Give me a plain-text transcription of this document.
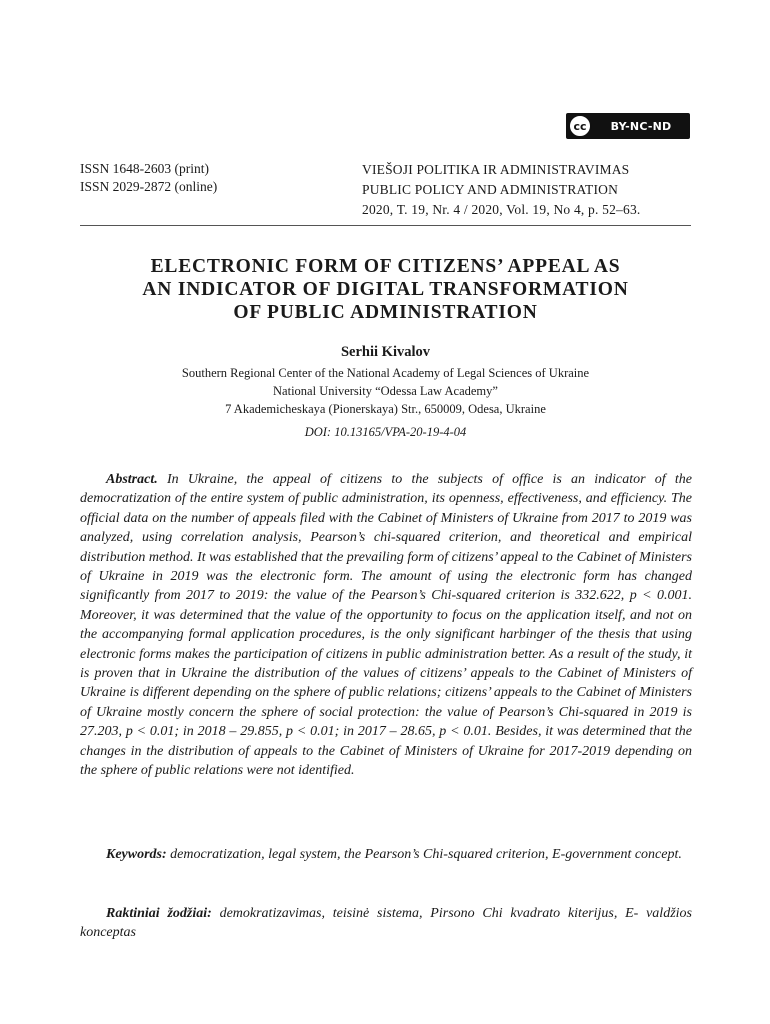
cc	BY-NC-ND
ISSN 1648-2603 (print)
ISSN 2029-2872 (online)
VIEŠOJI POLITIKA IR ADMINISTRAVIMAS
PUBLIC POLICY AND ADMINISTRATION
2020, T. 19, Nr. 4 / 2020, Vol. 19, No 4, p. 52–63.
ELECTRONIC FORM OF CITIZENS’ APPEAL AS
AN INDICATOR OF DIGITAL TRANSFORMATION
OF PUBLIC ADMINISTRATION
Serhii Kivalov
Southern Regional Center of the National Academy of Legal Sciences of Ukraine
National University “Odessa Law Academy”
7 Akademicheskaya (Pionerskaya) Str., 650009, Odesa, Ukraine
DOI: 10.13165/VPA-20-19-4-04
Abstract. In Ukraine, the appeal of citizens to the subjects of office is an indicator of the democratization of the entire system of public administration, its openness, effectiveness, and efficiency. The official data on the number of appeals filed with the Cabinet of Ministers of Ukraine from 2017 to 2019 was analyzed, using correlation analysis, Pearson’s chi-squared criterion, and theoretical and empirical distribution method. It was established that the prevailing form of citizens’ appeal to the Cabinet of Ministers of Ukraine in 2019 was the electronic form. The amount of using the electronic form has changed significantly from 2017 to 2019: the value of the Pearson’s Chi-squared criterion is 332.622, p < 0.001. Moreover, it was determined that the value of the opportunity to focus on the application itself, and not on the accompanying formal application procedures, is the only significant harbinger of the thesis that using electronic forms makes the participation of citizens in public administration better. As a result of the study, it is proven that in Ukraine the distribution of the values of citizens’ appeals to the Cabinet of Ministers of Ukraine is different depending on the sphere of public relations; citizens’ appeals to the Cabinet of Ministers of Ukraine mostly concern the sphere of social protection: the value of Pearson’s Chi-squared in 2019 is 27.203, p < 0.01; in 2018 – 29.855, p < 0.01; in 2017 – 28.65, p < 0.01. Besides, it was determined that the changes in the distribution of appeals to the Cabinet of Ministers of Ukraine for 2017-2019 depending on the sphere of public relations were not identified.
Keywords: democratization, legal system, the Pearson’s Chi-squared criterion, E-government concept.
Raktiniai žodžiai: demokratizavimas, teisinė sistema, Pirsono Chi kvadrato kiterijus, E- valdžios konceptas
